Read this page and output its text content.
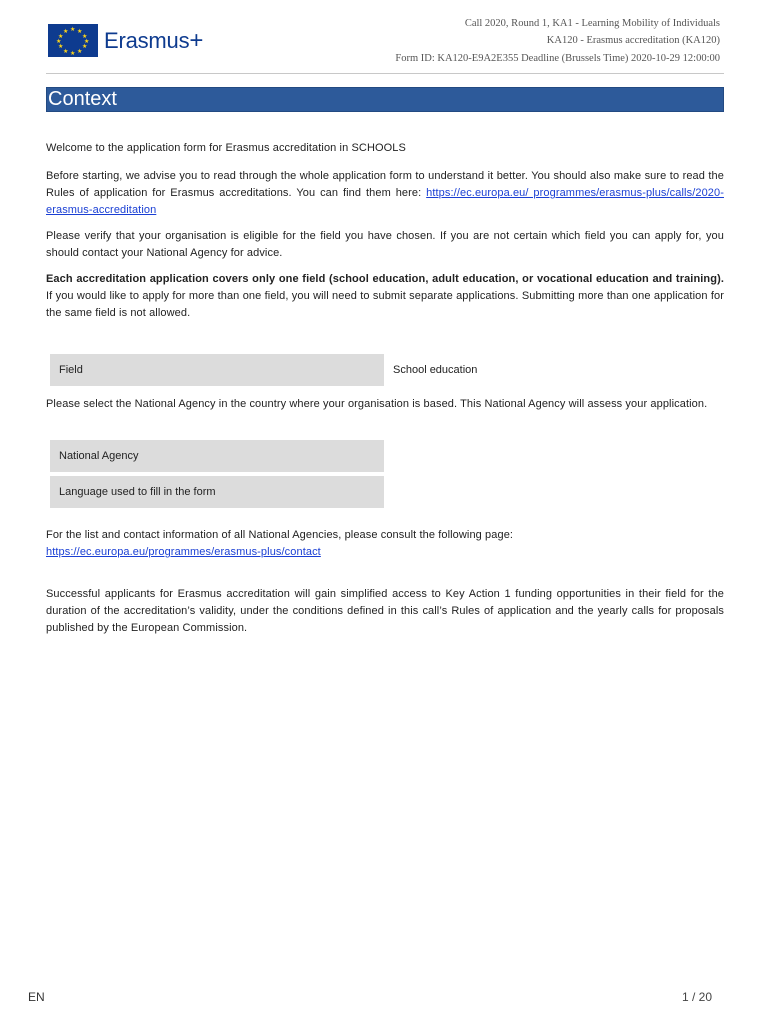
★ ★
★
★
★
★
★
★
★
★
★
★ Erasmus+
Call 2020, Round 1, KA1 - Learning Mobility of Individuals
KA120 - Erasmus accreditation (KA120)
Form ID: KA120-E9A2E355 Deadline (Brussels Time) 2020-10-29 12:00:00
Context

Welcome to the application form for Erasmus accreditation in SCHOOLS

Before starting, we advise you to read through the whole application form to understand it better. You should also make sure to read the Rules of application for Erasmus accreditations. You can find them here: https://ec.europa.eu/ programmes/erasmus-plus/calls/2020-erasmus-accreditation

Please verify that your organisation is eligible for the field you have chosen. If you are not certain which field you can apply for, you should contact your National Agency for advice.

Each accreditation application covers only one field (school education, adult education, or vocational education and training). If you would like to apply for more than one field, you will need to submit separate applications. Submitting more than one application for the same field is not allowed.

Field	School education

Please select the National Agency in the country where your organisation is based. This National Agency will assess your application.

National Agency
Language used to fill in the form

For the list and contact information of all National Agencies, please consult the following page:
https://ec.europa.eu/programmes/erasmus-plus/contact

Successful applicants for Erasmus accreditation will gain simplified access to Key Action 1 funding opportunities in their field for the duration of the accreditation’s validity, under the conditions defined in this call’s Rules of application and the yearly calls for proposals published by the European Commission.

EN	1 / 20
